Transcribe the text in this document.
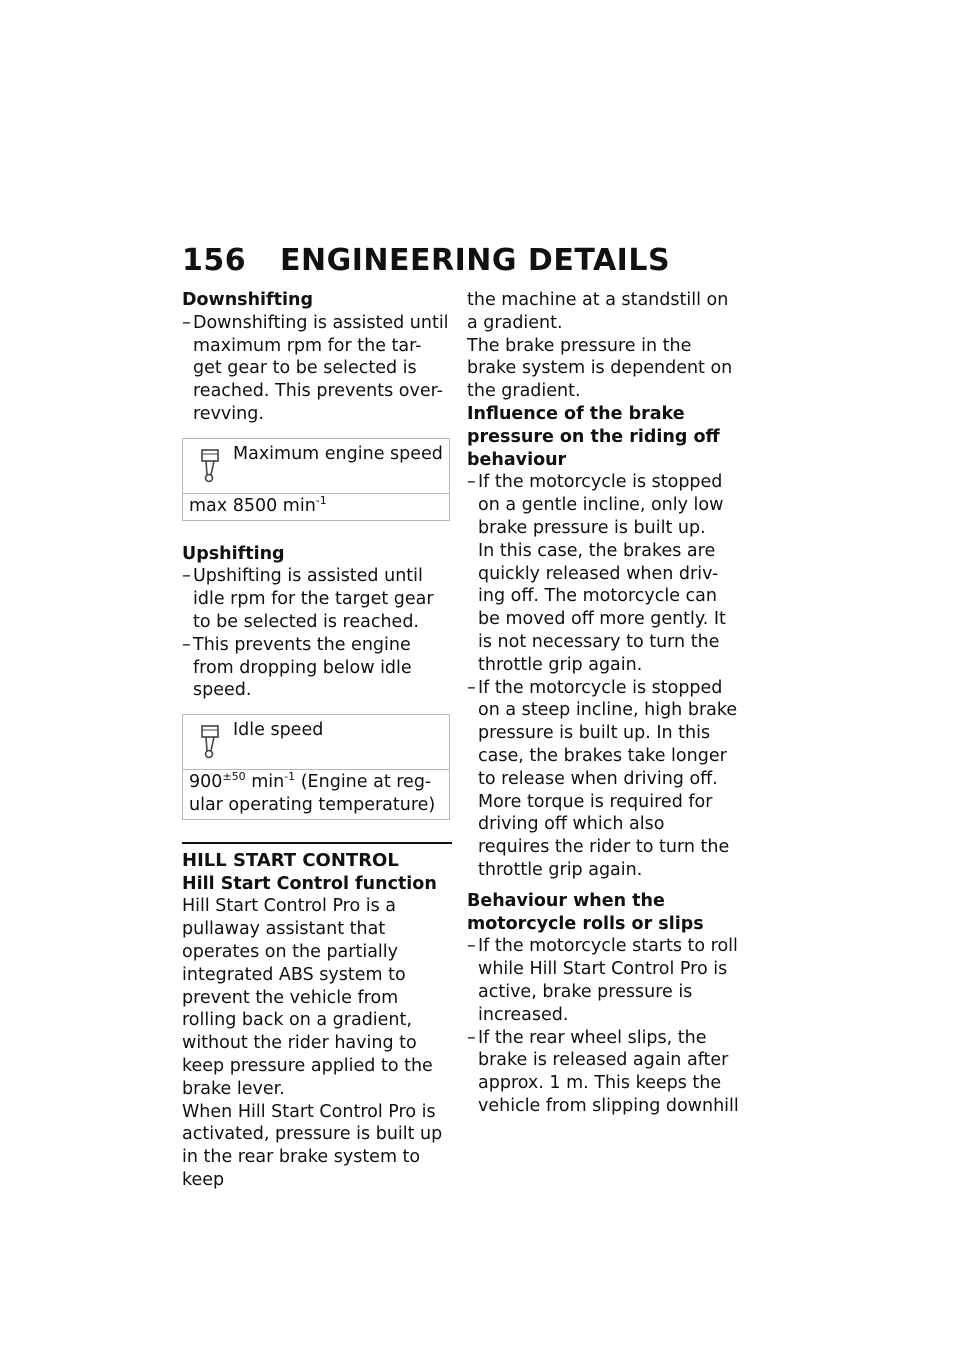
156 ENGINEERING DETAILS
Downshifting

– Downshifting is assisted until maximum rpm for the tar- get gear to be selected is reached. This prevents over- revving.

Maximum engine speed
max 8500 $\min^{-1}$
Upshifting

– Upshifting is assisted until idle rpm for the target gear to be selected is reached.

– This prevents the engine from dropping below idle speed.

Idle speed
$900^{\pm 50}$ $\min^{-1}$ (Engine at reg- ular operating temperature)
HILL START CONTROL
Hill Start Control function

Hill Start Control Pro is a pullaway assistant that operates on the partially integrated ABS system to prevent the vehicle from rolling back on a gradient, without the rider having to keep pressure applied to the brake lever.

When Hill Start Control Pro is activated, pressure is built up in the rear brake system to keep

the machine at a standstill on a gradient.

The brake pressure in the brake system is dependent on the gradient.

Influence of the brake pressure on the riding off behaviour

– If the motorcycle is stopped on a gentle incline, only low brake pressure is built up.

In this case, the brakes are quickly released when driv- ing off. The motorcycle can be moved off more gently. It is not necessary to turn the throttle grip again.

– If the motorcycle is stopped on a steep incline, high brake pressure is built up. In this case, the brakes take longer to release when driving off. More torque is required for driving off which also requires the rider to turn the throttle grip again.

Behaviour when the motorcycle rolls or slips

– If the motorcycle starts to roll while Hill Start Control Pro is active, brake pressure is increased.

– If the rear wheel slips, the brake is released again after approx. 1 m. This keeps the vehicle from slipping downhill
